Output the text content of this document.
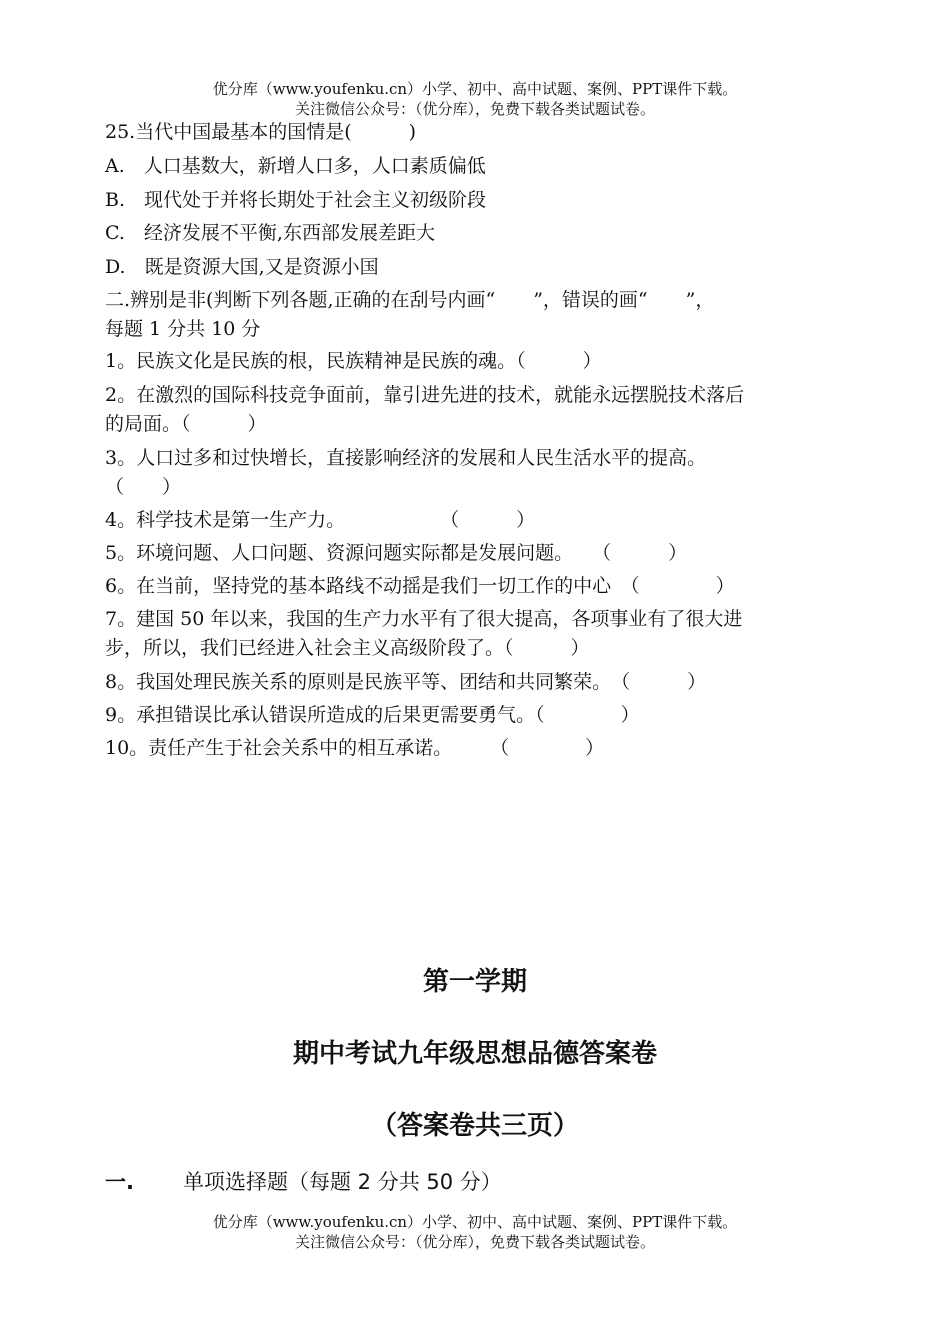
优分库（www.youfenku.cn）小学、初中、高中试题、案例、PPT课件下载。
关注微信公众号：（优分库），免费下载各类试题试卷。
25.当代中国最基本的国情是(　　　)
A.　人口基数大，新增人口多，人口素质偏低
B.　现代处于并将长期处于社会主义初级阶段
C.　经济发展不平衡,东西部发展差距大
D.　既是资源大国,又是资源小国
二.辨别是非(判断下列各题,正确的在刮号内画“　　”，错误的画“　　”，
每题 1 分共 10 分
1。民族文化是民族的根，民族精神是民族的魂。（　　　）
2。在激烈的国际科技竞争面前，靠引进先进的技术，就能永远摆脱技术落后
的局面。（　　　）
3。人口过多和过快增长，直接影响经济的发展和人民生活水平的提高。
（　　）
4。科学技术是第一生产力。　　　　　　（　　　）
5。环境问题、人口问题、资源问题实际都是发展问题。　　（　　　）
6。在当前，坚持党的基本路线不动摇是我们一切工作的中心　（　　　　）
7。建国 50 年以来，我国的生产力水平有了很大提高，各项事业有了很大进
步，所以，我们已经进入社会主义高级阶段了。（　　　）
8。我国处理民族关系的原则是民族平等、团结和共同繁荣。　（　　　）
9。承担错误比承认错误所造成的后果更需要勇气。（　　　　）
10。责任产生于社会关系中的相互承诺。　　　（　　　　）
第一学期
期中考试九年级思想品德答案卷
（答案卷共三页）
一. 单项选择题（每题 2 分共 50 分）
优分库（www.youfenku.cn）小学、初中、高中试题、案例、PPT课件下载。
关注微信公众号：（优分库），免费下载各类试题试卷。
